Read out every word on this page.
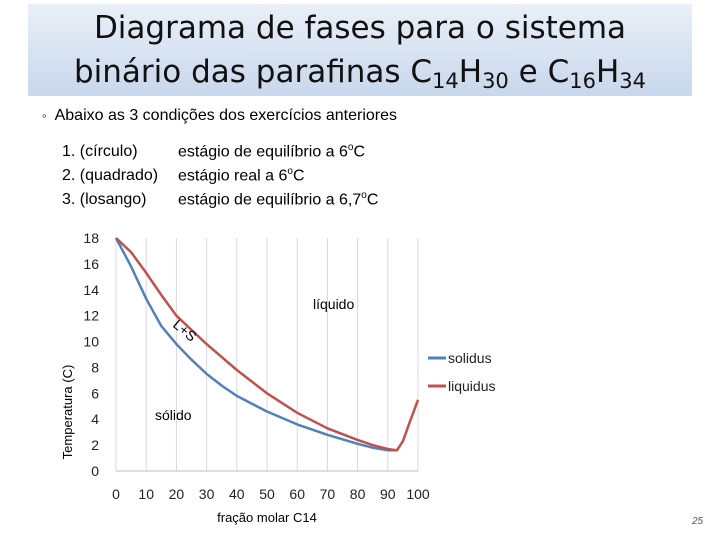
Diagrama de fases para o sistema
binário das parafinas $C_{14}H_{30}$ e $C_{16}H_{34}$
◦ Abaixo as 3 condições dos exercícios anteriores
1. (círculo)	estágio de equilíbrio a 6$^o$C
2. (quadrado) estágio real a 6$^o$C
3. (losango) estágio de equilíbrio a 6,7$^o$C
0
2
4
6
8
10
12
14
16
18
0 10 20 30 40 50 60 70 80 90 100
Temperatura (C)
fração molar C14
líquido
L+S
sólido
solidus
liquidus
25
